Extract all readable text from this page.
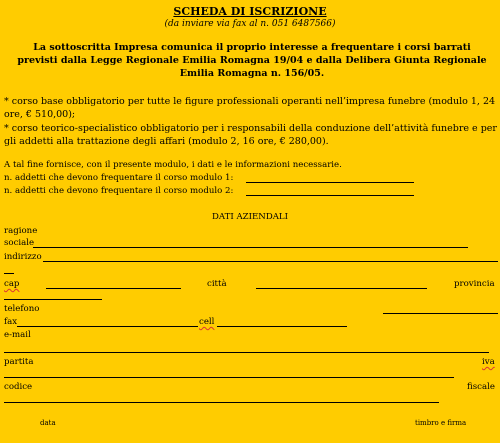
SCHEDA DI ISCRIZIONE
(da inviare via fax al n. 051 6487566)
La sottoscritta Impresa comunica il proprio interesse a frequentare i corsi barrati previsti dalla Legge Regionale Emilia Romagna 19/04 e dalla Delibera Giunta Regionale Emilia Romagna n. 156/05.
* corso base obbligatorio per tutte le figure professionali operanti nell’impresa funebre (modulo 1, 24 ore, € 510,00);
* corso teorico-specialistico obbligatorio per i responsabili della conduzione dell’attività funebre e per gli addetti alla trattazione degli affari (modulo 2, 16 ore, € 280,00).
A tal fine fornisce, con il presente modulo, i dati e le informazioni necessarie.
n. addetti che devono frequentare il corso modulo 1:
n. addetti che devono frequentare il corso modulo 2:
DATI AZIENDALI
ragione
sociale
indirizzo
cap	città	provincia
telefono
fax	cell
e-mail
partita	iva
codice	fiscale
data	timbro e firma
